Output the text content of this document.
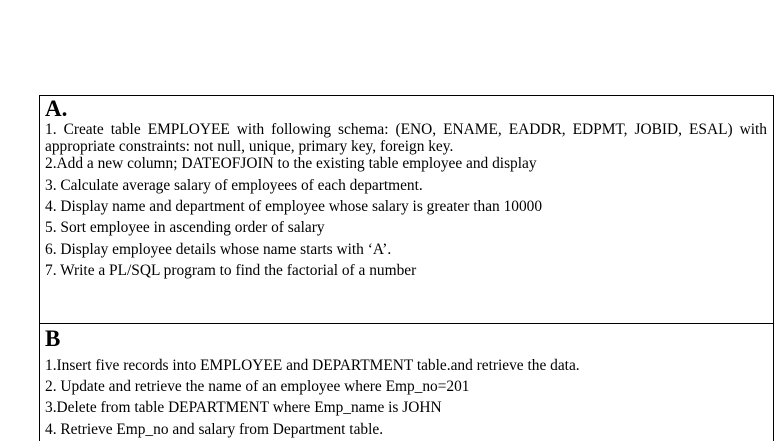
A.
1. Create table EMPLOYEE with following schema: (ENO, ENAME, EADDR, EDPMT, JOBID, ESAL) with appropriate constraints: not null, unique, primary key, foreign key.
2.Add a new column; DATEOFJOIN to the existing table employee and display
3. Calculate average salary of employees of each department.
4. Display name and department of employee whose salary is greater than 10000
5. Sort employee in ascending order of salary
6. Display employee details whose name starts with ‘A’.
7. Write a PL/SQL program to find the factorial of a number
B
1.Insert five records into EMPLOYEE and DEPARTMENT table.and retrieve the data.
2. Update and retrieve the name of an employee where Emp_no=201
3.Delete from table DEPARTMENT where Emp_name is JOHN
4. Retrieve Emp_no and salary from Department table.
